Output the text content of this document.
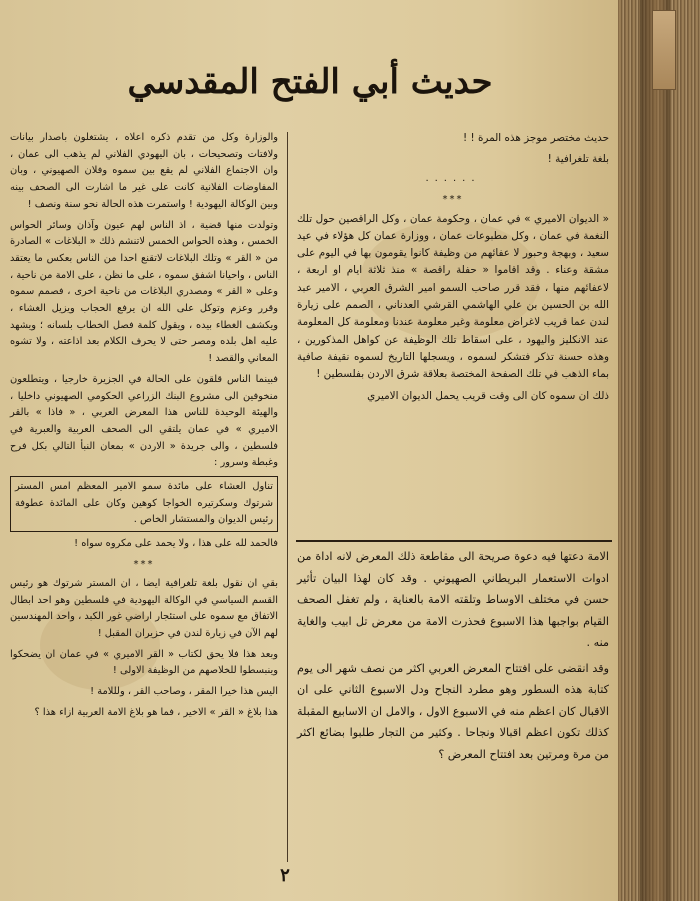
حديث أبي الفتح المقدسي

حديث مختصر موجز هذه المرة ! !

بلغة تلغرافية !

......
***

« الديوان الاميري » في عمان ، وحكومة عمان ، وكل الراقصين حول تلك النغمة في عمان ، وكل مطبوعات عمان ، ووزارة عمان كل هؤلاء في عيد سعيد ، وبهجة وحبور لا عفائهم من وظيفة كانوا يقومون بها في اليوم على مشقة وعناء . وقد اقاموا « حفلة راقصة » منذ ثلاثة ايام او اربعة ، لاعفائهم منها ، فقد قرر صاحب السمو امير الشرق العربي ، الامير عبد الله بن الحسين بن علي الهاشمي القرشي العدناني ، الصمم على زيارة لندن عما قريب لاغراض معلومة وغير معلومة عندنا ومعلومة كل المعلومة عند الانكليز واليهود ، على اسقاط تلك الوظيفة عن كواهل المذكورين ، وهذه حسنة تذكر فتشكر لسموه ، ويسجلها التاريخ لسموه نقيفة صافية بماء الذهب في تلك الصفحة المختصة بعلاقة شرق الاردن بفلسطين !

ذلك ان سموه كان الى وقت قريب يحمل الديوان الاميري

الامة دعتها فيه دعوة صريحة الى مقاطعة ذلك المعرض لانه اداة من ادوات الاستعمار البريطاني الصهيوني . وقد كان لهذا البيان تأثير حسن في مختلف الاوساط وتلقته الامة بالعناية ، ولم تغفل الصحف القيام بواجبها هذا الاسبوع فحذرت الامة من معرض تل ابيب والغاية منه .

وقد انقضى على افتتاح المعرض العربي اكثر من نصف شهر الى يوم كتابة هذه السطور وهو مطرد النجاح ودل الاسبوع الثاني على ان الاقبال كان اعظم منه في الاسبوع الاول ، والامل ان الاسابيع المقبلة كذلك تكون اعظم اقبالا ونجاحا . وكثير من التجار طلبوا بضائع اكثر من مرة ومرتين بعد افتتاح المعرض ؟

والوزارة وكل من تقدم ذكره اعلاه ، يشتغلون باصدار بيانات ولافتات وتصحيحات ، بان اليهودي الفلاني لم يذهب الى عمان ، وان الاجتماع الفلاني لم يقع بين سموه وفلان الصهيوني ، وبان المفاوضات الفلانية كانت على غير ما اشارت الى الصحف بينه وبين الوكالة اليهودية ! واستمرت هذه الحالة نحو سنة ونصف !

وتولدت منها قضية ، اذ الناس لهم عيون وآذان وسائر الحواس الخمس ، وهذه الحواس الخمس لاتنشم ذلك « البلاغات » الصادرة من « القر » وتلك البلاغات لاتقنع احدا من الناس بعكس ما يعتقد الناس ، واحيانا اشفق سموه ، على ما نظن ، على الامة من ناحية ، وعلى « القر » ومصدري البلاغات من ناحية اخرى ، فصمم سموه وقرر وعزم وتوكل على الله ان يرفع الحجاب ويزيل الغشاء ، ويكشف الغطاء بيده ، ويقول كلمة فصل الخطاب بلسانه ؛ ويشهد عليه اهل بلده ومصر حتى لا يحرف الكلام بعد اذاعته ، ولا تشوه المعاني والقصد !

فبينما الناس قلقون على الحالة في الجزيرة خارجيا ، ويتطلعون منخوفين الى مشروع البنك الزراعي الحكومي الصهيوني داخليا ، والهيئة الوحيدة للناس هذا المعرض العربي ، « فاذا » بالقر الاميري » في عمان يلتقي الى الصحف العربية والعبرية في فلسطين ، والى جريدة « الاردن » بمعان النبأ التالي بكل فرح وغبطة وسرور :

تناول العشاء على مائدة سمو الامير المعظم امس المستر شرتوك وسكرتيره الخواجا كوهين وكان على المائدة عطوفة رئيس الديوان والمستشار الخاص .

فالحمد لله على هذا ، ولا يحمد على مكروه سواه !

***

بقي ان نقول بلغة تلغرافية ايضا ، ان المستر شرتوك هو رئيس القسم السياسي في الوكالة اليهودية في فلسطين وهو احد ابطال الاتفاق مع سموه على استئجار اراضي غور الكبد ، واحد المهندسين لهم الآن في زيارة لندن في حزيران المقبل !

وبعد هذا فلا يحق لكتاب « القر الاميري » في عمان ان يضحكوا وينبسطوا للخلاصهم من الوظيفة الاولى !

اليس هذا خيرا المقر ، وصاحب القر ، ولللامة !

هذا بلاغ « القر » الاخير ، فما هو بلاغ الامة العربية ازاء هذا ؟

٢
